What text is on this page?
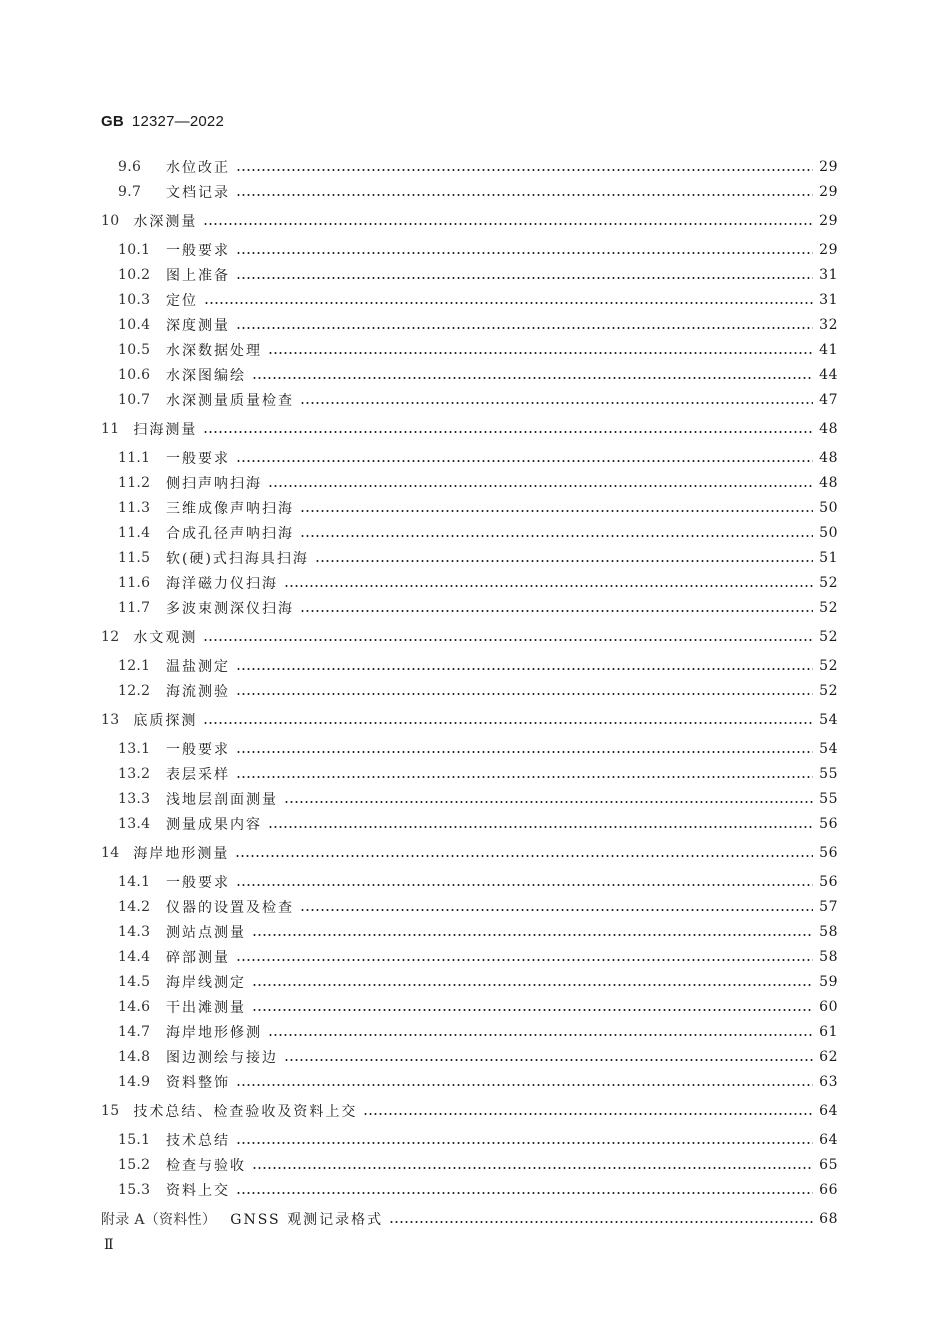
GB 12327—2022
9.6	水位改正	29
9.7	文档记录	29
10 水深测量	29
10.1	一般要求	29
10.2	图上准备	31
10.3	定位	31
10.4	深度测量	32
10.5	水深数据处理	41
10.6	水深图编绘	44
10.7	水深测量质量检查	47
11 扫海测量	48
11.1	一般要求	48
11.2	侧扫声呐扫海	48
11.3	三维成像声呐扫海	50
11.4	合成孔径声呐扫海	50
11.5	软(硬)式扫海具扫海	51
11.6	海洋磁力仪扫海	52
11.7	多波束测深仪扫海	52
12 水文观测	52
12.1	温盐测定	52
12.2	海流测验	52
13 底质探测	54
13.1	一般要求	54
13.2	表层采样	55
13.3	浅地层剖面测量	55
13.4	测量成果内容	56
14 海岸地形测量	56
14.1	一般要求	56
14.2	仪器的设置及检查	57
14.3	测站点测量	58
14.4	碎部测量	58
14.5	海岸线测定	59
14.6	干出滩测量	60
14.7	海岸地形修测	61
14.8	图边测绘与接边	62
14.9	资料整饰	63
15 技术总结、检查验收及资料上交	64
15.1	技术总结	64
15.2	检查与验收	65
15.3	资料上交	66
附录 A（资料性） GNSS 观测记录格式	68
Ⅱ
